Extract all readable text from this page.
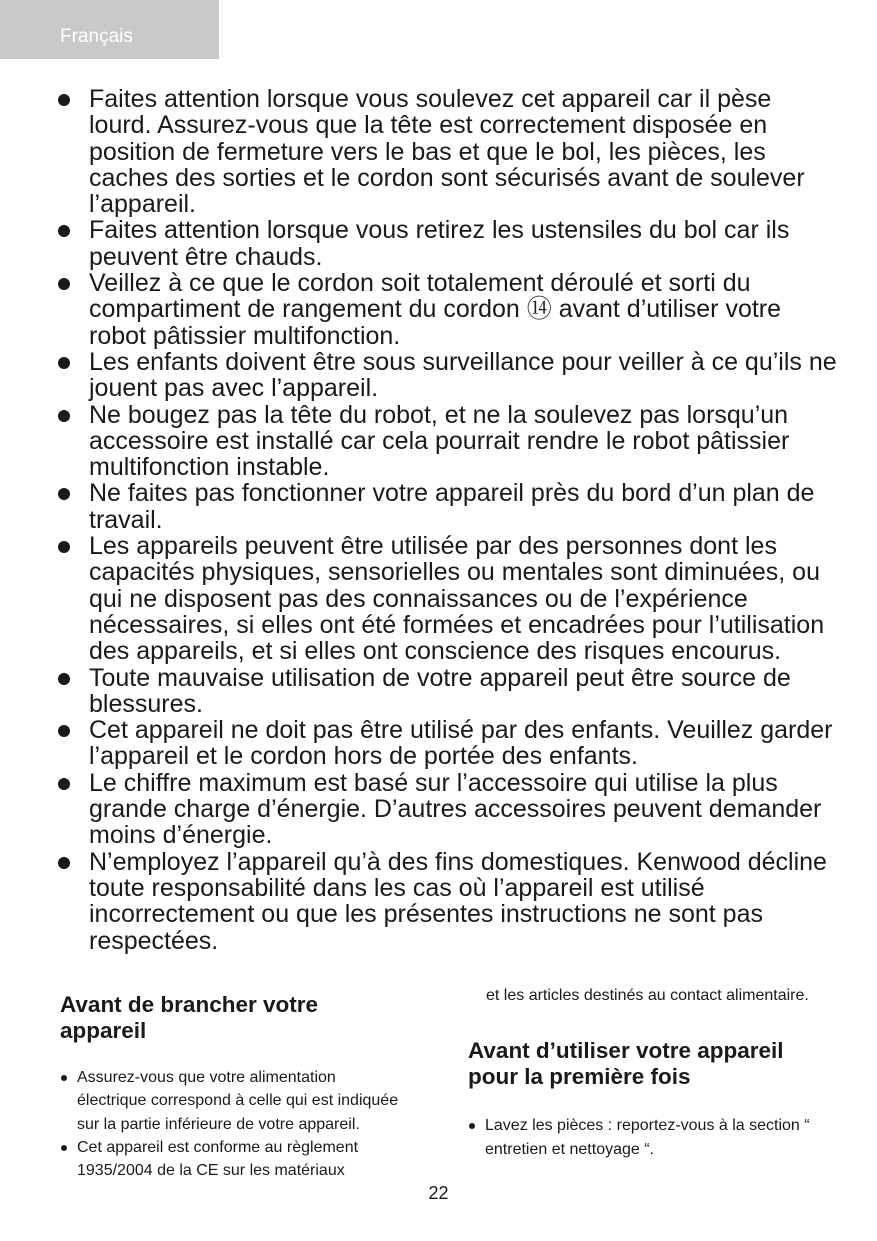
Français
Faites attention lorsque vous soulevez cet appareil car il pèse lourd. Assurez-vous que la tête est correctement disposée en position de fermeture vers le bas et que le bol, les pièces, les caches des sorties et le cordon sont sécurisés avant de soulever l’appareil.
Faites attention lorsque vous retirez les ustensiles du bol car ils peuvent être chauds.
Veillez à ce que le cordon soit totalement déroulé et sorti du compartiment de rangement du cordon ⑭ avant d’utiliser votre robot pâtissier multifonction.
Les enfants doivent être sous surveillance pour veiller à ce qu’ils ne jouent pas avec l’appareil.
Ne bougez pas la tête du robot, et ne la soulevez pas lorsqu’un accessoire est installé car cela pourrait rendre le robot pâtissier multifonction instable.
Ne faites pas fonctionner votre appareil près du bord d’un plan de travail.
Les appareils peuvent être utilisée par des personnes dont les capacités physiques, sensorielles ou mentales sont diminuées, ou qui ne disposent pas des connaissances ou de l’expérience nécessaires, si elles ont été formées et encadrées pour l’utilisation des appareils, et si elles ont conscience des risques encourus.
Toute mauvaise utilisation de votre appareil peut être source de blessures.
Cet appareil ne doit pas être utilisé par des enfants. Veuillez garder l’appareil et le cordon hors de portée des enfants.
Le chiffre maximum est basé sur l’accessoire qui utilise la plus grande charge d’énergie. D’autres accessoires peuvent demander moins d’énergie.
N’employez l’appareil qu’à des fins domestiques. Kenwood décline toute responsabilité dans les cas où l’appareil est utilisé incorrectement ou que les présentes instructions ne sont pas respectées.
Avant de brancher votre appareil
Assurez-vous que votre alimentation électrique correspond à celle qui est indiquée sur la partie inférieure de votre appareil.
Cet appareil est conforme au règlement 1935/2004 de la CE sur les matériaux

et les articles destinés au contact alimentaire.

Avant d’utiliser votre appareil pour la première fois
Lavez les pièces : reportez-vous à la section “ entretien et nettoyage “.
22
